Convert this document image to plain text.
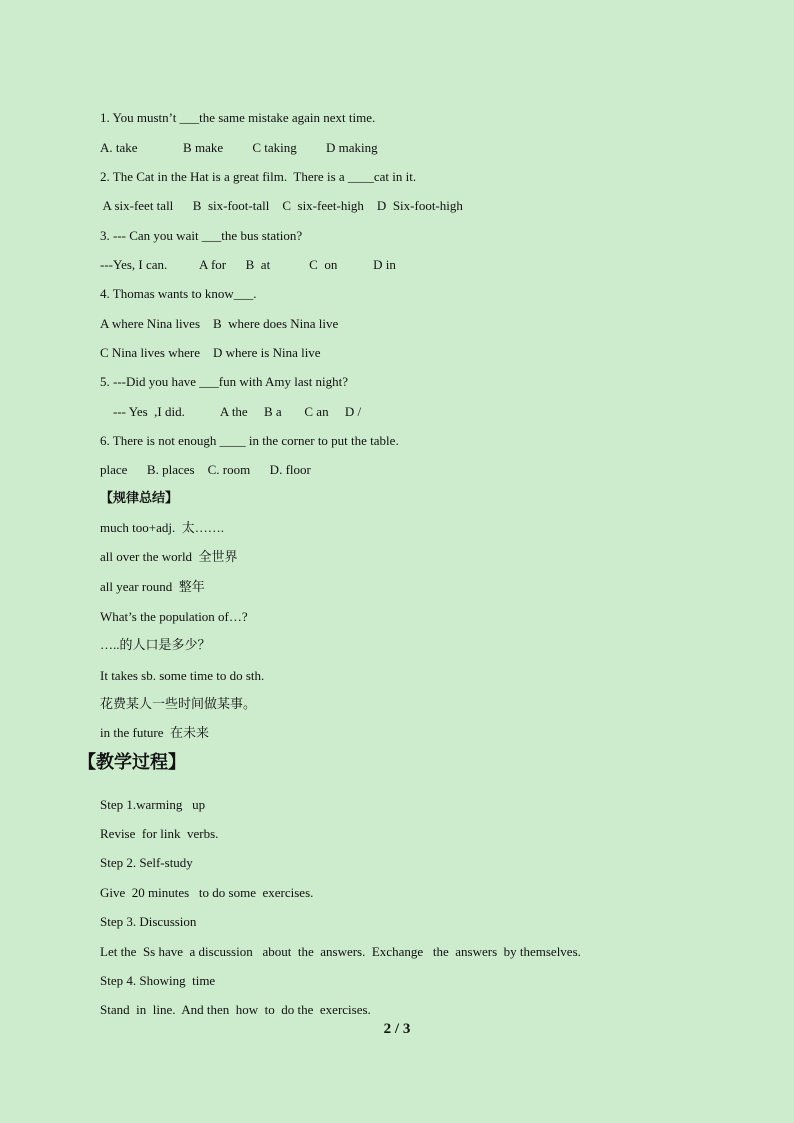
1. You mustn’t ___the same mistake again next time.
A. take              B make         C taking         D making
2. The Cat in the Hat is a great film.  There is a ____cat in it.
A six-feet tall      B  six-foot-tall    C  six-feet-high    D  Six-foot-high
3. --- Can you wait ___the bus station?
---Yes, I can.          A for      B  at            C  on           D in
4. Thomas wants to know___.
A where Nina lives    B  where does Nina live
C Nina lives where    D where is Nina live
5. ---Did you have ___fun with Amy last night?
--- Yes  ,I did.           A the     B a       C an     D /
6. There is not enough ____ in the corner to put the table.
place      B. places    C. room      D. floor
【规律总结】
much too+adj.  太…….
all over the world  全世界
all year round  整年
What’s the population of…?
…..的人口是多少？
It takes sb. some time to do sth.
花费某人一些时间做某事。
in the future  在未来
【教学过程】
Step 1.warming   up
Revise  for link  verbs.
Step 2. Self-study
Give  20 minutes   to do some  exercises.
Step 3. Discussion
Let the  Ss have  a discussion   about  the  answers.  Exchange   the  answers  by themselves.
Step 4. Showing  time
Stand  in  line.  And then  how  to  do the  exercises.
2 / 3
